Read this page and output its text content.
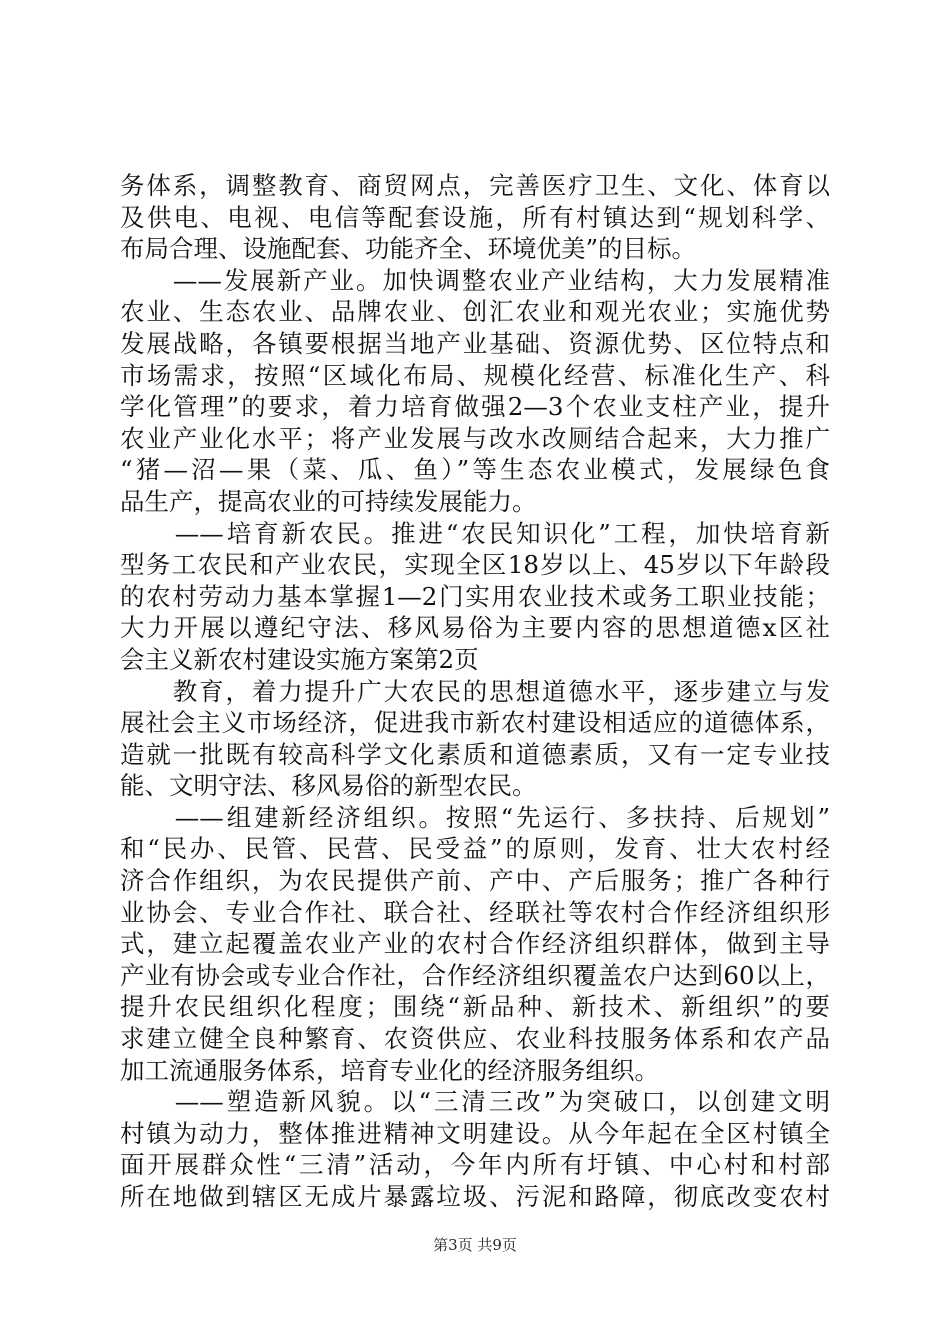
务体系，调整教育、商贸网点，完善医疗卫生、文化、体育以
及供电、电视、电信等配套设施，所有村镇达到“规划科学、
布局合理、设施配套、功能齐全、环境优美”的目标。
　　——发展新产业。加快调整农业产业结构，大力发展精准
农业、生态农业、品牌农业、创汇农业和观光农业；实施优势
发展战略，各镇要根据当地产业基础、资源优势、区位特点和
市场需求，按照“区域化布局、规模化经营、标准化生产、科
学化管理”的要求，着力培育做强2—3个农业支柱产业，提升
农业产业化水平；将产业发展与改水改厕结合起来，大力推广
“猪—沼—果（菜、瓜、鱼）”等生态农业模式，发展绿色食
品生产，提高农业的可持续发展能力。
　　——培育新农民。推进“农民知识化”工程，加快培育新
型务工农民和产业农民，实现全区18岁以上、45岁以下年龄段
的农村劳动力基本掌握1—2门实用农业技术或务工职业技能；
大力开展以遵纪守法、移风易俗为主要内容的思想道德x区社
会主义新农村建设实施方案第2页
　　教育，着力提升广大农民的思想道德水平，逐步建立与发
展社会主义市场经济，促进我市新农村建设相适应的道德体系，
造就一批既有较高科学文化素质和道德素质，又有一定专业技
能、文明守法、移风易俗的新型农民。
　　——组建新经济组织。按照“先运行、多扶持、后规划”
和“民办、民管、民营、民受益”的原则，发育、壮大农村经
济合作组织，为农民提供产前、产中、产后服务；推广各种行
业协会、专业合作社、联合社、经联社等农村合作经济组织形
式，建立起覆盖农业产业的农村合作经济组织群体，做到主导
产业有协会或专业合作社，合作经济组织覆盖农户达到60以上，
提升农民组织化程度；围绕“新品种、新技术、新组织”的要
求建立健全良种繁育、农资供应、农业科技服务体系和农产品
加工流通服务体系，培育专业化的经济服务组织。
　　——塑造新风貌。以“三清三改”为突破口，以创建文明
村镇为动力，整体推进精神文明建设。从今年起在全区村镇全
面开展群众性“三清”活动，今年内所有圩镇、中心村和村部
所在地做到辖区无成片暴露垃圾、污泥和路障，彻底改变农村
第3页 共9页
